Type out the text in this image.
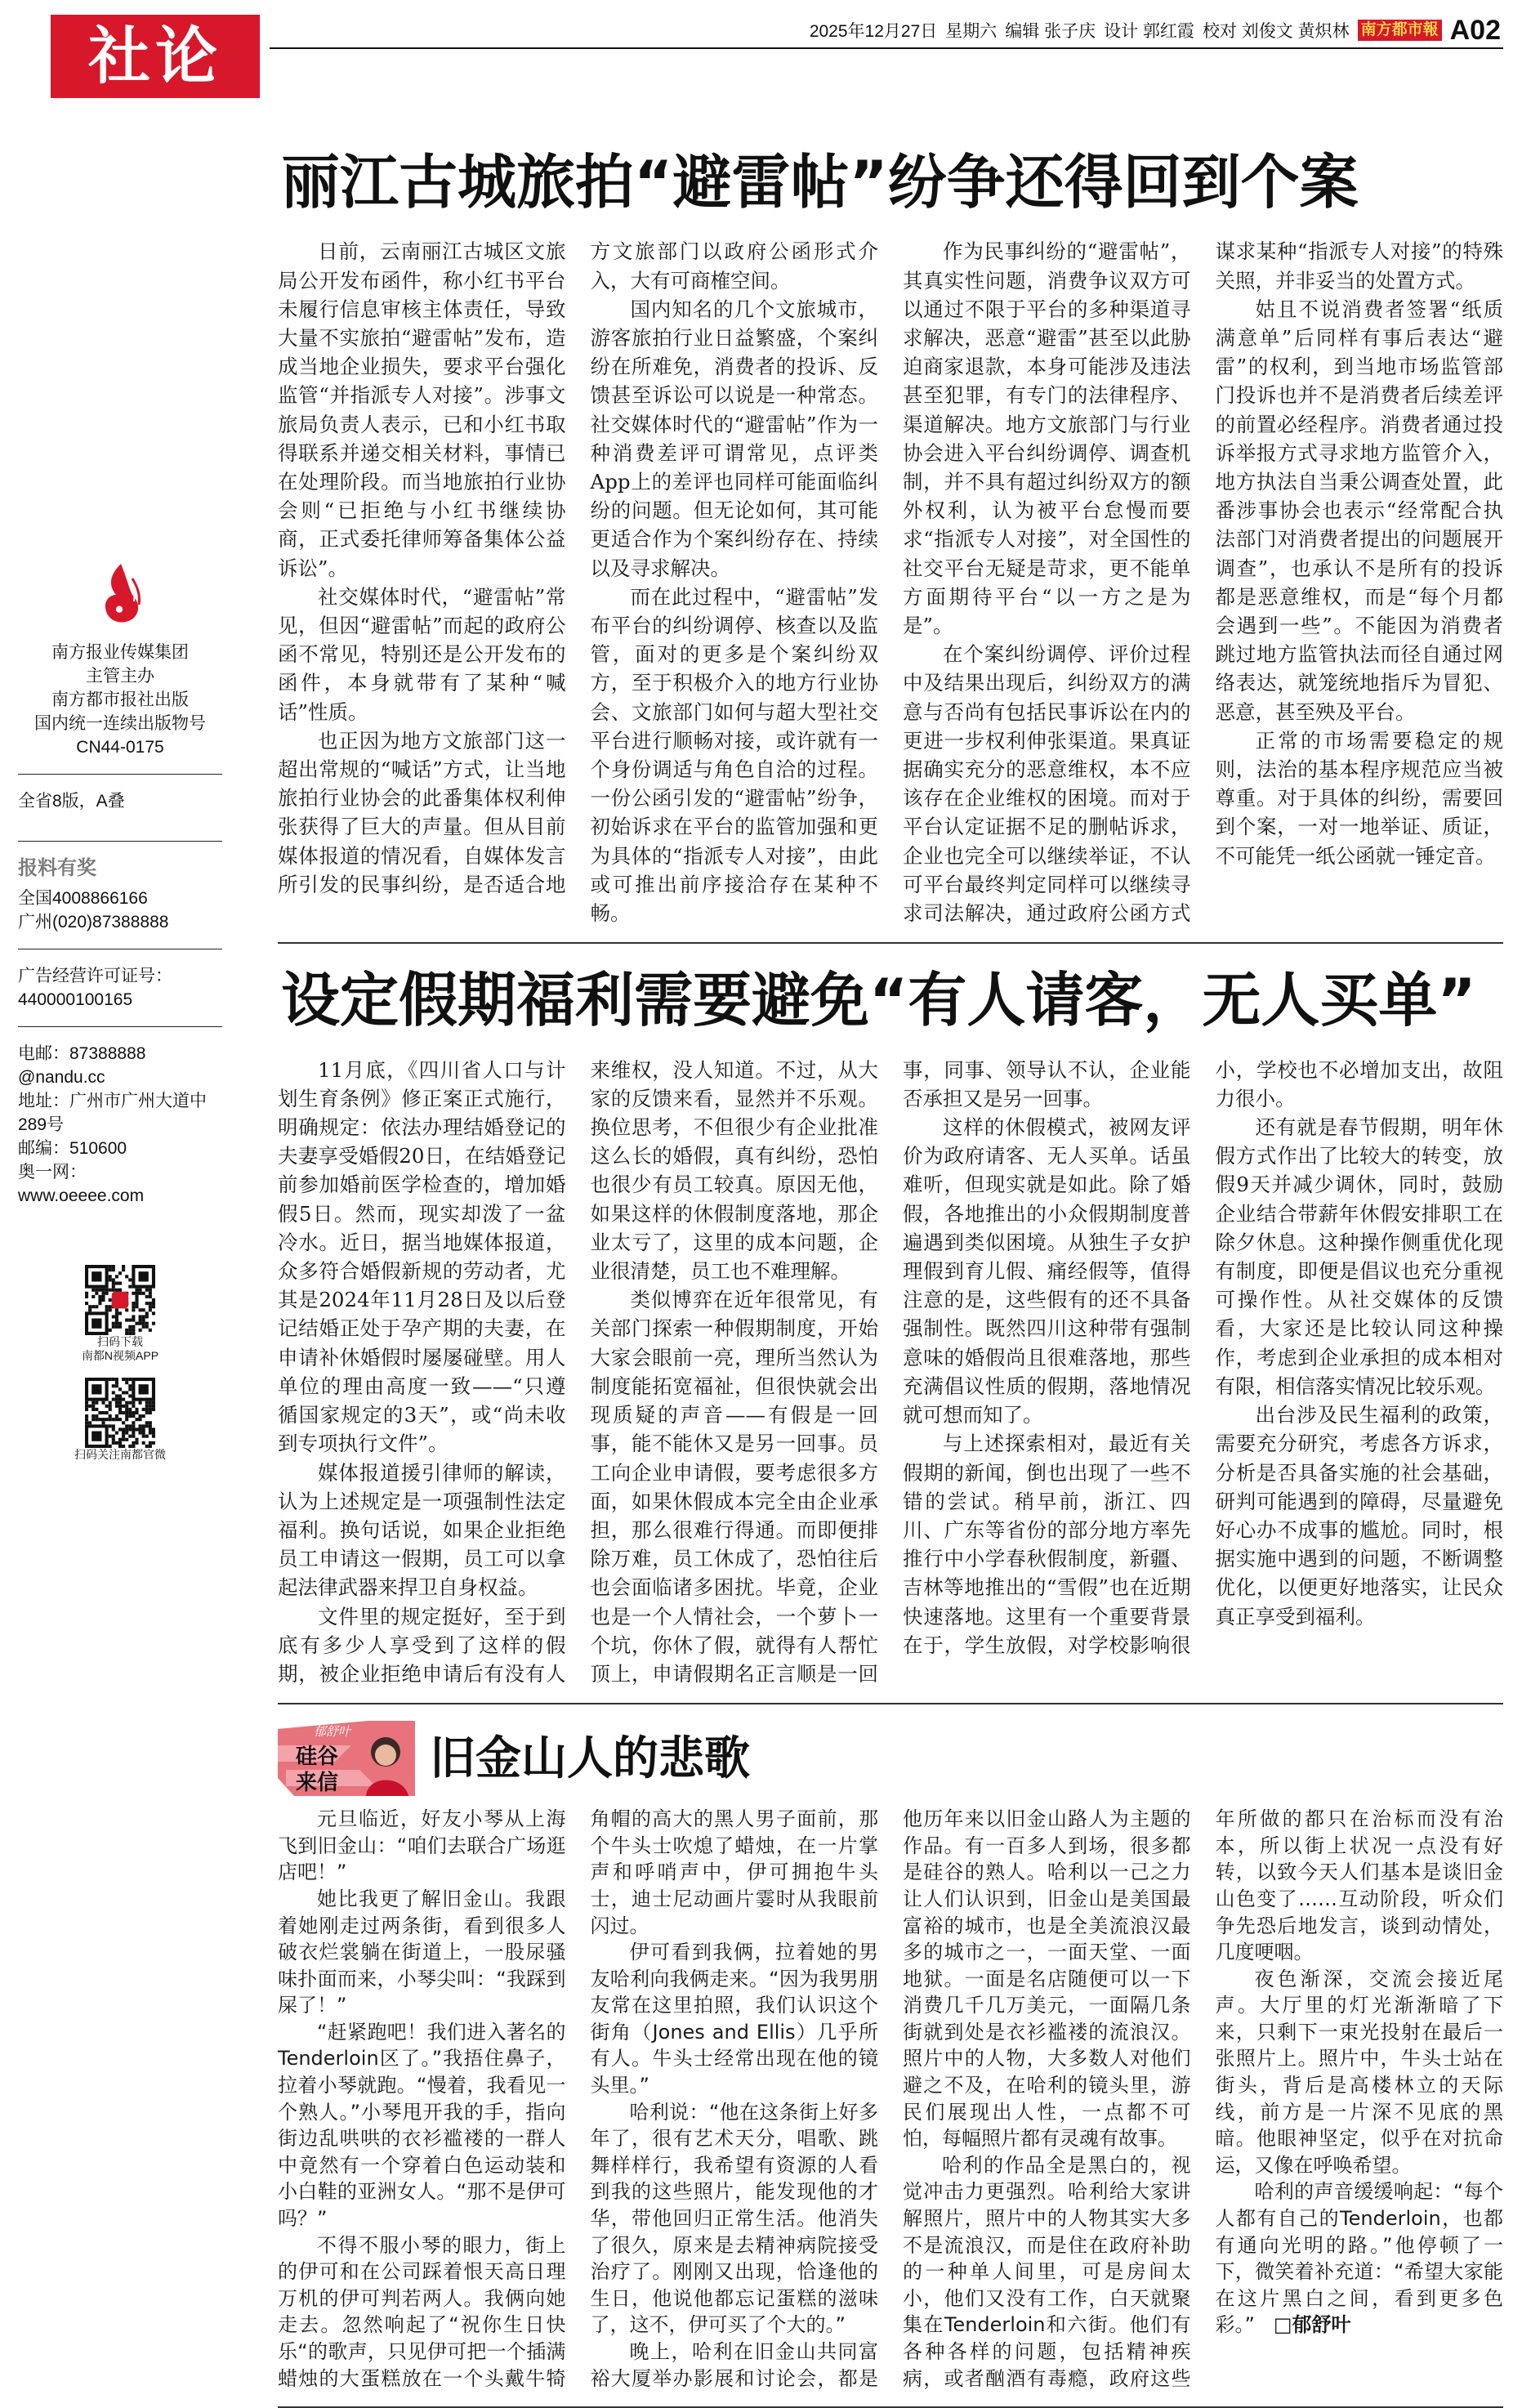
社论	2025年12月27日 星期六 编辑 张子庆 设计 郭红霞 校对 刘俊文 黄炽林 南方都市報 A02
南方报业传媒集团
主管主办
南方都市报社出版
国内统一连续出版物号
CN44-0175
全省8版，A叠
报料有奖
全国4008866166
广州(020)87388888
广告经营许可证号：
440000100165
电邮：87388888
@nandu.cc
地址：广州市广州大道中
289号
邮编：510600
奥一网：
www.oeeee.com
扫码下载
南都N视频APP
扫码关注南都官微
丽江古城旅拍“避雷帖”纷争还得回到个案

日前，云南丽江古城区文旅局公开发布函件，称小红书平台未履行信息审核主体责任，导致大量不实旅拍“避雷帖”发布，造成当地企业损失，要求平台强化监管“并指派专人对接”。涉事文旅局负责人表示，已和小红书取得联系并递交相关材料，事情已在处理阶段。而当地旅拍行业协会则“已拒绝与小红书继续协商，正式委托律师筹备集体公益诉讼”。

社交媒体时代，“避雷帖”常见，但因“避雷帖”而起的政府公函不常见，特别还是公开发布的函件，本身就带有了某种“喊话”性质。

也正因为地方文旅部门这一超出常规的“喊话”方式，让当地旅拍行业协会的此番集体权利伸张获得了巨大的声量。但从目前媒体报道的情况看，自媒体发言所引发的民事纠纷，是否适合地方文旅部门以政府公函形式介入，大有可商榷空间。

国内知名的几个文旅城市，游客旅拍行业日益繁盛，个案纠纷在所难免，消费者的投诉、反馈甚至诉讼可以说是一种常态。社交媒体时代的“避雷帖”作为一种消费差评可谓常见，点评类App上的差评也同样可能面临纠纷的问题。但无论如何，其可能更适合作为个案纠纷存在、持续以及寻求解决。

而在此过程中，“避雷帖”发布平台的纠纷调停、核查以及监管，面对的更多是个案纠纷双方，至于积极介入的地方行业协会、文旅部门如何与超大型社交平台进行顺畅对接，或许就有一个身份调适与角色自洽的过程。一份公函引发的“避雷帖”纷争，初始诉求在平台的监管加强和更为具体的“指派专人对接”，由此或可推出前序接洽存在某种不畅。

作为民事纠纷的“避雷帖”，其真实性问题，消费争议双方可以通过不限于平台的多种渠道寻求解决，恶意“避雷”甚至以此胁迫商家退款，本身可能涉及违法甚至犯罪，有专门的法律程序、渠道解决。地方文旅部门与行业协会进入平台纠纷调停、调查机制，并不具有超过纠纷双方的额外权利，认为被平台怠慢而要求“指派专人对接”，对全国性的社交平台无疑是苛求，更不能单方面期待平台“以一方之是为是”。

在个案纠纷调停、评价过程中及结果出现后，纠纷双方的满意与否尚有包括民事诉讼在内的更进一步权利伸张渠道。果真证据确实充分的恶意维权，本不应该存在企业维权的困境。而对于平台认定证据不足的删帖诉求，企业也完全可以继续举证，不认可平台最终判定同样可以继续寻求司法解决，通过政府公函方式谋求某种“指派专人对接”的特殊关照，并非妥当的处置方式。

姑且不说消费者签署“纸质满意单”后同样有事后表达“避雷”的权利，到当地市场监管部门投诉也并不是消费者后续差评的前置必经程序。消费者通过投诉举报方式寻求地方监管介入，地方执法自当秉公调查处置，此番涉事协会也表示“经常配合执法部门对消费者提出的问题展开调查”，也承认不是所有的投诉都是恶意维权，而是“每个月都会遇到一些”。不能因为消费者跳过地方监管执法而径自通过网络表达，就笼统地指斥为冒犯、恶意，甚至殃及平台。

正常的市场需要稳定的规则，法治的基本程序规范应当被尊重。对于具体的纠纷，需要回到个案，一对一地举证、质证，不可能凭一纸公函就一锤定音。

设定假期福利需要避免“有人请客，无人买单”

11月底，《四川省人口与计划生育条例》修正案正式施行，明确规定：依法办理结婚登记的夫妻享受婚假20日，在结婚登记前参加婚前医学检查的，增加婚假5日。然而，现实却泼了一盆冷水。近日，据当地媒体报道，众多符合婚假新规的劳动者，尤其是2024年11月28日及以后登记结婚正处于孕产期的夫妻，在申请补休婚假时屡屡碰壁。用人单位的理由高度一致——“只遵循国家规定的3天”，或“尚未收到专项执行文件”。

媒体报道援引律师的解读，认为上述规定是一项强制性法定福利。换句话说，如果企业拒绝员工申请这一假期，员工可以拿起法律武器来捍卫自身权益。

文件里的规定挺好，至于到底有多少人享受到了这样的假期，被企业拒绝申请后有没有人来维权，没人知道。不过，从大家的反馈来看，显然并不乐观。换位思考，不但很少有企业批准这么长的婚假，真有纠纷，恐怕也很少有员工较真。原因无他，如果这样的休假制度落地，那企业太亏了，这里的成本问题，企业很清楚，员工也不难理解。

类似博弈在近年很常见，有关部门探索一种假期制度，开始大家会眼前一亮，理所当然认为制度能拓宽福祉，但很快就会出现质疑的声音——有假是一回事，能不能休又是另一回事。员工向企业申请假，要考虑很多方面，如果休假成本完全由企业承担，那么很难行得通。而即便排除万难，员工休成了，恐怕往后也会面临诸多困扰。毕竟，企业也是一个人情社会，一个萝卜一个坑，你休了假，就得有人帮忙顶上，申请假期名正言顺是一回事，同事、领导认不认，企业能否承担又是另一回事。

这样的休假模式，被网友评价为政府请客、无人买单。话虽难听，但现实就是如此。除了婚假，各地推出的小众假期制度普遍遇到类似困境。从独生子女护理假到育儿假、痛经假等，值得注意的是，这些假有的还不具备强制性。既然四川这种带有强制意味的婚假尚且很难落地，那些充满倡议性质的假期，落地情况就可想而知了。

与上述探索相对，最近有关假期的新闻，倒也出现了一些不错的尝试。稍早前，浙江、四川、广东等省份的部分地方率先推行中小学春秋假制度，新疆、吉林等地推出的“雪假”也在近期快速落地。这里有一个重要背景在于，学生放假，对学校影响很小，学校也不必增加支出，故阻力很小。

还有就是春节假期，明年休假方式作出了比较大的转变，放假9天并减少调休，同时，鼓励企业结合带薪年休假安排职工在除夕休息。这种操作侧重优化现有制度，即便是倡议也充分重视可操作性。从社交媒体的反馈看，大家还是比较认同这种操作，考虑到企业承担的成本相对有限，相信落实情况比较乐观。

出台涉及民生福利的政策，需要充分研究，考虑各方诉求，分析是否具备实施的社会基础，研判可能遇到的障碍，尽量避免好心办不成事的尴尬。同时，根据实施中遇到的问题，不断调整优化，以便更好地落实，让民众真正享受到福利。

郁舒叶
硅谷来信 旧金山人的悲歌

元旦临近，好友小琴从上海飞到旧金山：“咱们去联合广场逛店吧！”

她比我更了解旧金山。我跟着她刚走过两条街，看到很多人破衣烂裳躺在街道上，一股尿骚味扑面而来，小琴尖叫：“我踩到屎了！”

“赶紧跑吧！我们进入著名的Tenderloin区了。”我捂住鼻子，拉着小琴就跑。“慢着，我看见一个熟人。”小琴甩开我的手，指向街边乱哄哄的衣衫褴褛的一群人中竟然有一个穿着白色运动装和小白鞋的亚洲女人。“那不是伊可吗？”

不得不服小琴的眼力，街上的伊可和在公司踩着恨天高日理万机的伊可判若两人。我俩向她走去。忽然响起了“祝你生日快乐“的歌声，只见伊可把一个插满蜡烛的大蛋糕放在一个头戴牛犄角帽的高大的黑人男子面前，那个牛头士吹熄了蜡烛，在一片掌声和呼哨声中，伊可拥抱牛头士，迪士尼动画片霎时从我眼前闪过。

伊可看到我俩，拉着她的男友哈利向我俩走来。“因为我男朋友常在这里拍照，我们认识这个街角（Jones and Ellis）几乎所有人。牛头士经常出现在他的镜头里。”

哈利说：“他在这条街上好多年了，很有艺术天分，唱歌、跳舞样样行，我希望有资源的人看到我的这些照片，能发现他的才华，带他回归正常生活。他消失了很久，原来是去精神病院接受治疗了。刚刚又出现，恰逢他的生日，他说他都忘记蛋糕的滋味了，这不，伊可买了个大的。”

晚上，哈利在旧金山共同富裕大厦举办影展和讨论会，都是他历年来以旧金山路人为主题的作品。有一百多人到场，很多都是硅谷的熟人。哈利以一己之力让人们认识到，旧金山是美国最富裕的城市，也是全美流浪汉最多的城市之一，一面天堂、一面地狱。一面是名店随便可以一下消费几千几万美元，一面隔几条街就到处是衣衫褴褛的流浪汉。照片中的人物，大多数人对他们避之不及，在哈利的镜头里，游民们展现出人性，一点都不可怕，每幅照片都有灵魂有故事。

哈利的作品全是黑白的，视觉冲击力更强烈。哈利给大家讲解照片，照片中的人物其实大多不是流浪汉，而是住在政府补助的一种单人间里，可是房间太小，他们又没有工作，白天就聚集在Tenderloin和六街。他们有各种各样的问题，包括精神疾病，或者酗酒有毒瘾，政府这些年所做的都只在治标而没有治本，所以街上状况一点没有好转，以致今天人们基本是谈旧金山色变了……互动阶段，听众们争先恐后地发言，谈到动情处，几度哽咽。

夜色渐深，交流会接近尾声。大厅里的灯光渐渐暗了下来，只剩下一束光投射在最后一张照片上。照片中，牛头士站在街头，背后是高楼林立的天际线，前方是一片深不见底的黑暗。他眼神坚定，似乎在对抗命运，又像在呼唤希望。

哈利的声音缓缓响起：“每个人都有自己的Tenderloin，也都有通向光明的路。”他停顿了一下，微笑着补充道：“希望大家能在这片黑白之间，看到更多色彩。” □郁舒叶
